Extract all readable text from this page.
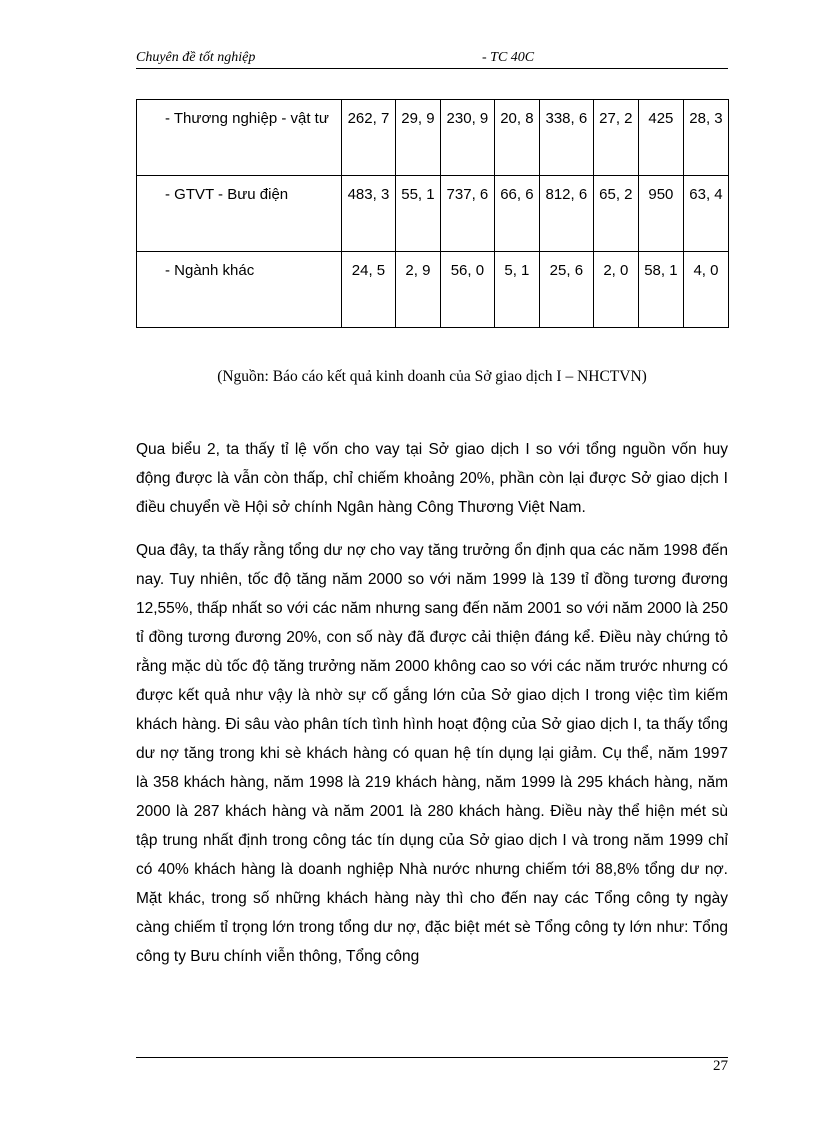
Chuyên đề tốt nghiệp	- TC 40C
- Thương nghiệp - vật tư	262, 7	29, 9	230, 9	20, 8	338, 6	27, 2	425	28, 3
- GTVT - Bưu điện	483, 3	55, 1	737, 6	66, 6	812, 6	65, 2	950	63, 4
- Ngành khác	24, 5	2, 9	56, 0	5, 1	25, 6	2, 0	58, 1	4, 0
(Nguồn: Báo cáo kết quả kinh doanh của Sở giao dịch I – NHCTVN)

Qua biểu 2, ta thấy tỉ lệ vốn cho vay tại Sở giao dịch I so với tổng nguồn vốn huy động được là vẫn còn thấp, chỉ chiếm khoảng 20%, phần còn lại được Sở giao dịch I điều chuyển về Hội sở chính Ngân hàng Công Thương Việt Nam.

Qua đây, ta thấy rằng tổng dư nợ cho vay tăng trưởng ổn định qua các năm 1998 đến nay. Tuy nhiên, tốc độ tăng năm 2000 so với năm 1999 là 139 tỉ đồng tương đương 12,55%, thấp nhất so với các năm nhưng sang đến năm 2001 so với năm 2000 là 250 tỉ đồng tương đương 20%, con số này đã được cải thiện đáng kể. Điều này chứng tỏ rằng mặc dù tốc độ tăng trưởng năm 2000 không cao so với các năm trước nhưng có được kết quả như vậy là nhờ sự cố gắng lớn của Sở giao dịch I trong việc tìm kiếm khách hàng. Đi sâu vào phân tích tình hình hoạt động của Sở giao dịch I, ta thấy tổng dư nợ tăng trong khi sè khách hàng có quan hệ tín dụng lại giảm. Cụ thể, năm 1997 là 358 khách hàng, năm 1998 là 219 khách hàng, năm 1999 là 295 khách hàng, năm 2000 là 287 khách hàng và năm 2001 là 280 khách hàng. Điều này thể hiện mét sù tập trung nhất định trong công tác tín dụng của Sở giao dịch I và trong năm 1999 chỉ có 40% khách hàng là doanh nghiệp Nhà nước nhưng chiếm tới 88,8% tổng dư nợ. Mặt khác, trong số những khách hàng này thì cho đến nay các Tổng công ty ngày càng chiếm tỉ trọng lớn trong tổng dư nợ, đặc biệt mét sè Tổng công ty lớn như: Tổng công ty Bưu chính viễn thông, Tổng công

27
